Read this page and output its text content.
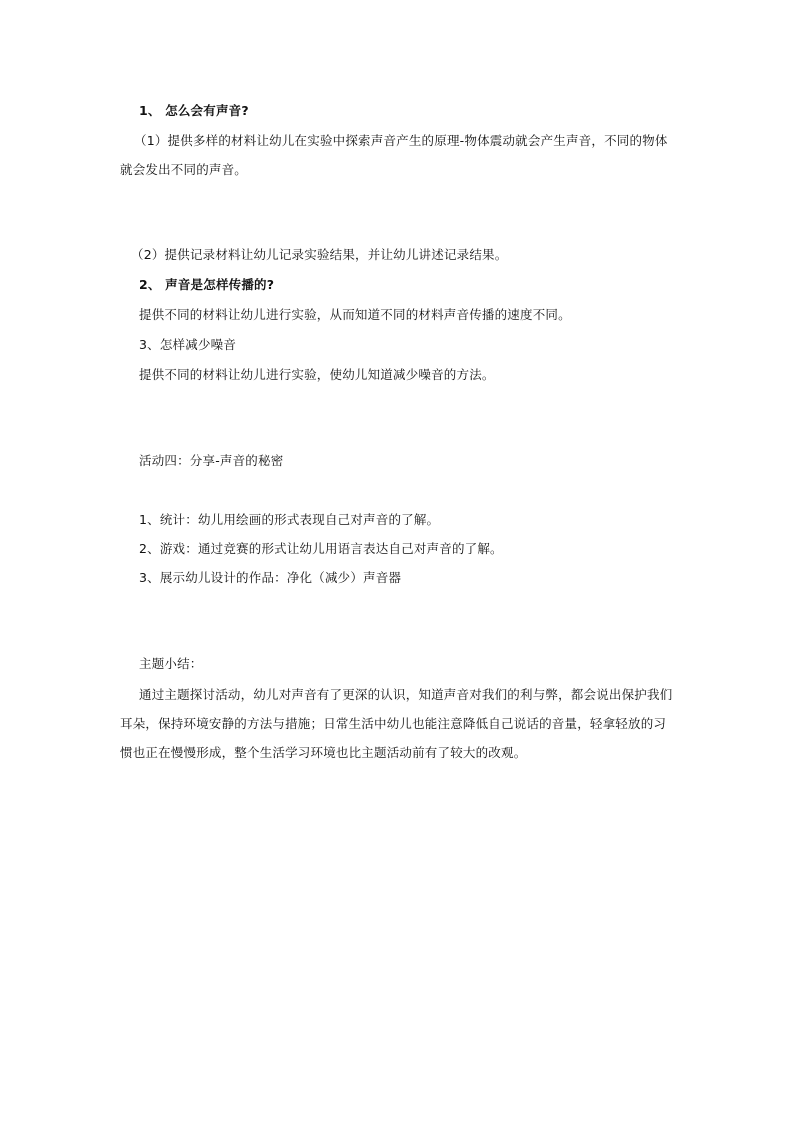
1、 怎么会有声音?
（1）提供多样的材料让幼儿在实验中探索声音产生的原理-物体震动就会产生声音，不同的物体就会发出不同的声音。
（2）提供记录材料让幼儿记录实验结果，并让幼儿讲述记录结果。
2、 声音是怎样传播的?
提供不同的材料让幼儿进行实验，从而知道不同的材料声音传播的速度不同。
3、怎样减少噪音
提供不同的材料让幼儿进行实验，使幼儿知道减少噪音的方法。
活动四：分享-声音的秘密
1、统计：幼儿用绘画的形式表现自己对声音的了解。
2、游戏：通过竞赛的形式让幼儿用语言表达自己对声音的了解。
3、展示幼儿设计的作品：净化（减少）声音器
主题小结：
通过主题探讨活动，幼儿对声音有了更深的认识，知道声音对我们的利与弊，都会说出保护我们耳朵，保持环境安静的方法与措施；日常生活中幼儿也能注意降低自己说话的音量，轻拿轻放的习惯也正在慢慢形成，整个生活学习环境也比主题活动前有了较大的改观。
